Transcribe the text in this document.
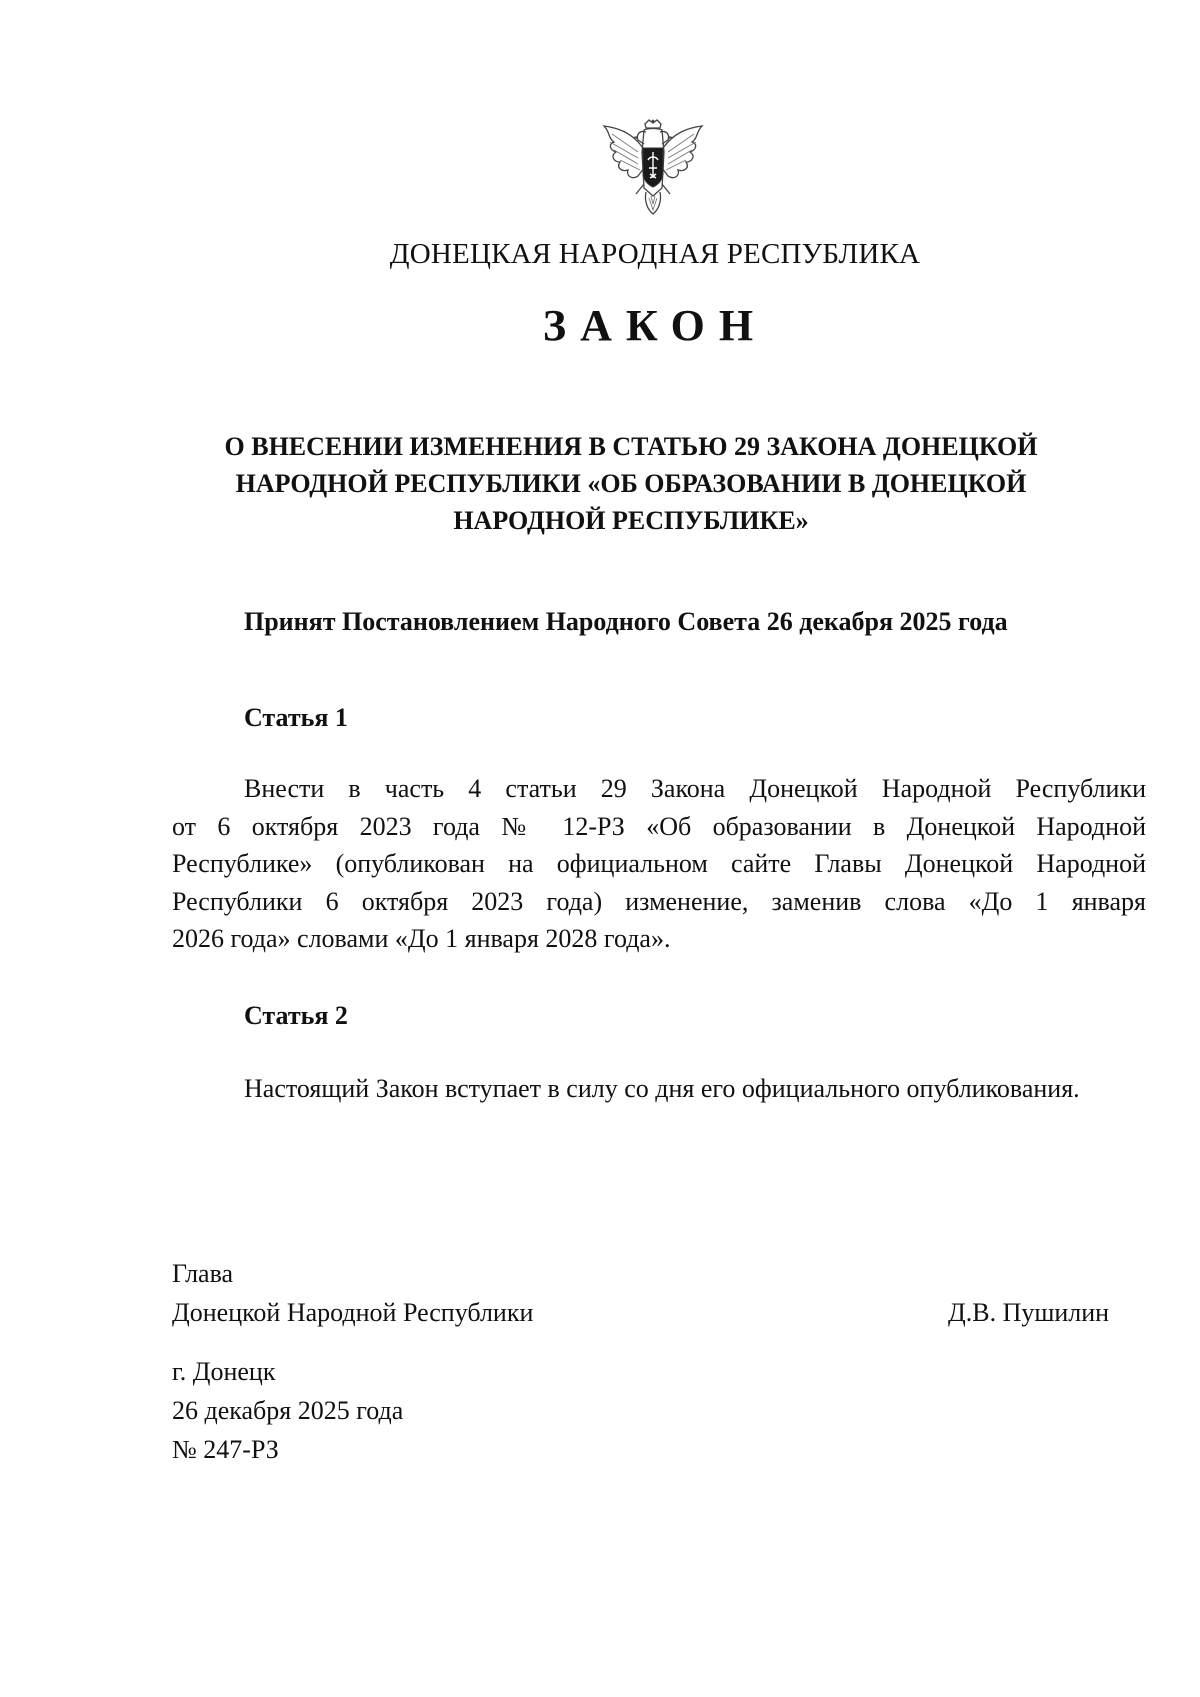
ДОНЕЦКАЯ НАРОДНАЯ РЕСПУБЛИКА
ЗАКОН
О ВНЕСЕНИИ ИЗМЕНЕНИЯ В СТАТЬЮ 29 ЗАКОНА ДОНЕЦКОЙ
НАРОДНОЙ РЕСПУБЛИКИ «ОБ ОБРАЗОВАНИИ В ДОНЕЦКОЙ
НАРОДНОЙ РЕСПУБЛИКЕ»
Принят Постановлением Народного Совета 26 декабря 2025 года
Статья 1
Внести в часть 4 статьи 29 Закона Донецкой Народной Республики
от 6 октября 2023 года № 12-РЗ «Об образовании в Донецкой Народной
Республике» (опубликован на официальном сайте Главы Донецкой Народной
Республики 6 октября 2023 года) изменение, заменив слова «До 1 января
2026 года» словами «До 1 января 2028 года».
Статья 2
Настоящий Закон вступает в силу со дня его официального опубликования.
Глава
Донецкой Народной Республики	Д.В. Пушилин
г. Донецк
26 декабря 2025 года
№ 247-РЗ
